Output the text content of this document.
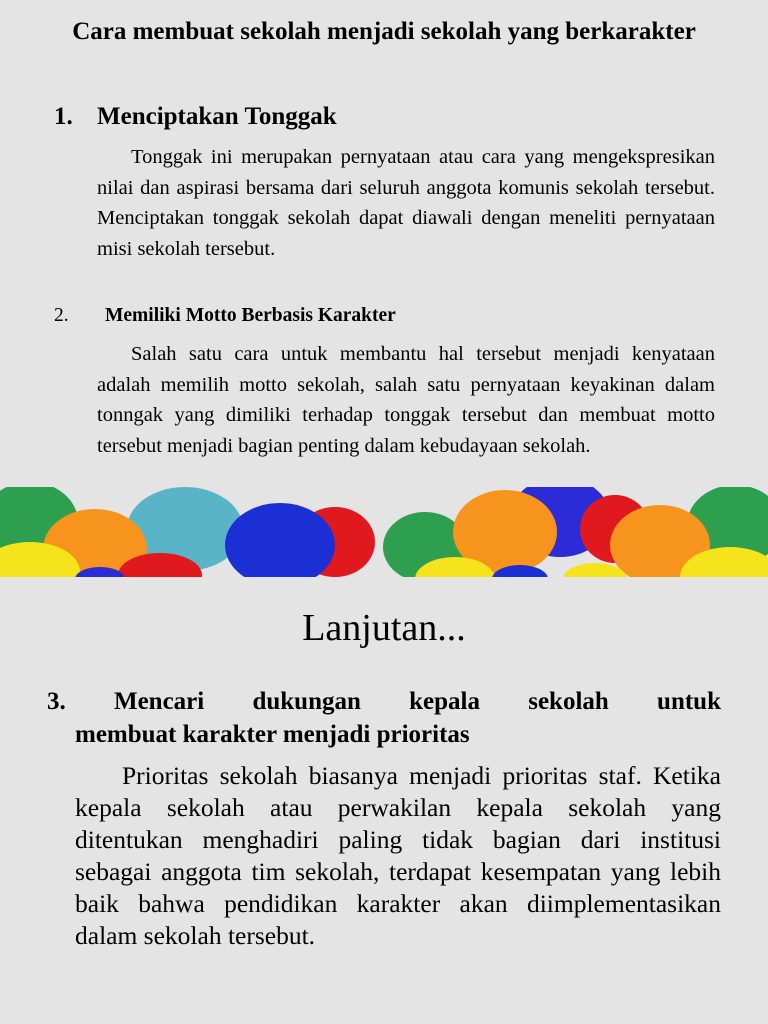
Cara membuat sekolah menjadi sekolah yang berkarakter
1. Menciptakan Tonggak
Tonggak ini merupakan pernyataan atau cara yang mengekspresikan nilai dan aspirasi bersama dari seluruh anggota komunis sekolah tersebut. Menciptakan tonggak sekolah dapat diawali dengan meneliti pernyataan misi sekolah tersebut.
2. Memiliki Motto Berbasis Karakter
Salah satu cara untuk membantu hal tersebut menjadi kenyataan adalah memilih motto sekolah, salah satu pernyataan keyakinan dalam tonngak yang dimiliki terhadap tonggak tersebut dan membuat motto tersebut menjadi bagian penting dalam kebudayaan sekolah.
Lanjutan...
3. Mencari dukungan kepala sekolah untuk
membuat karakter menjadi prioritas
Prioritas sekolah biasanya menjadi prioritas staf. Ketika kepala sekolah atau perwakilan kepala sekolah yang ditentukan menghadiri paling tidak bagian dari institusi sebagai anggota tim sekolah, terdapat kesempatan yang lebih baik bahwa pendidikan karakter akan diimplementasikan dalam sekolah tersebut.
